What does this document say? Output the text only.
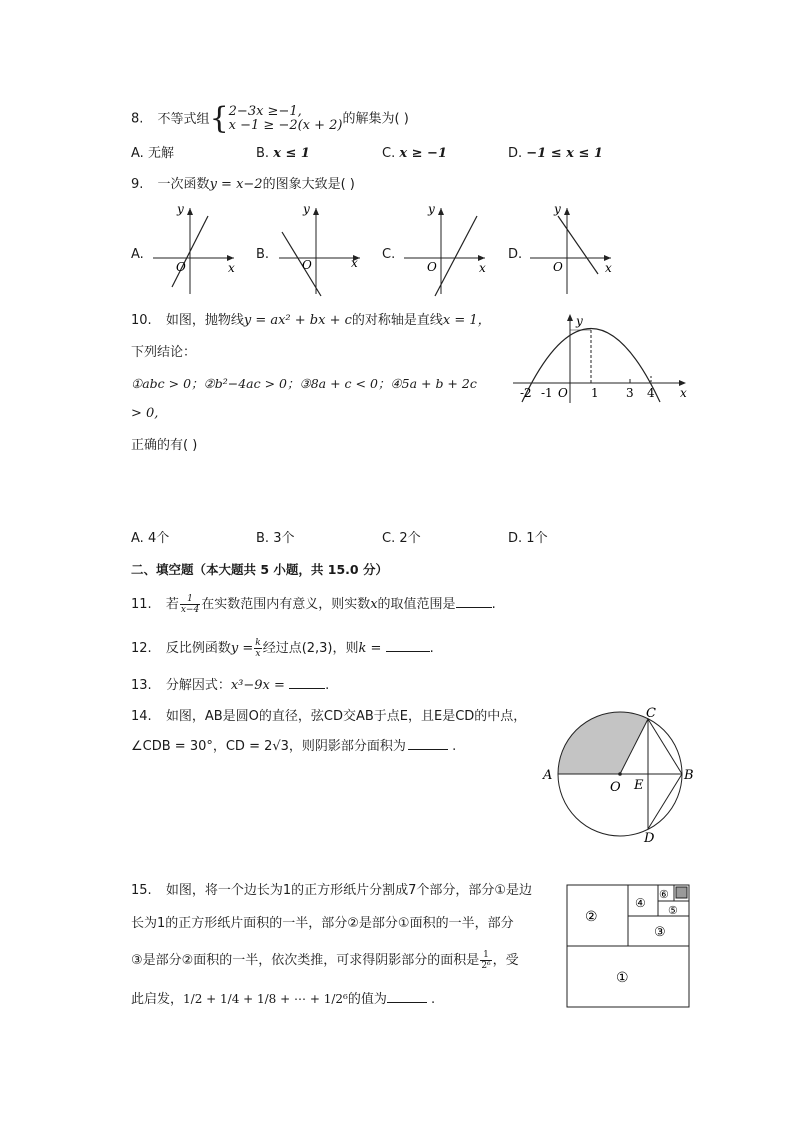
8. 不等式组{ 2−3x ≥−1,
x −1 ≥ −2(x + 2) 的解集为( )
A. 无解	B. x ≤ 1	C. x ≥ −1	D. −1 ≤ x ≤ 1
9. 一次函数y = x−2的图象大致是( )
A.
y
x
O
B.
y
x
O
C.
y
x
O
D.
y
x
O
10. 如图，抛物线y = ax² + bx + c的对称轴是直线x = 1，
下列结论：
①abc > 0；②b²−4ac > 0；③8a + c < 0；④5a + b + 2c
> 0,
正确的有( )
-2 -1 O 1 3 4 x
y
A. 4个	B. 3个	C. 2个	D. 1个
二、填空题（本大题共 5 小题，共 15.0 分）
11. 若 $\frac{1}{x-4}$ 在实数范围内有意义，则实数x的取值范围是	.
12. 反比例函数$y = \frac{k}{x}$ 经过点(2,3)，则k =	.
13. 分解因式：x³−9x =	.
14. 如图，AB是圆O的直径，弦CD交AB于点E，且E是CD的中点，
∠CDB = 30°，CD = 2√3，则阴影部分面积为	.
A	B
C
D
O E
15. 如图，将一个边长为1的正方形纸片分割成7个部分，部分①是边
长为1的正方形纸片面积的一半，部分②是部分①面积的一半，部分
③是部分②面积的一半，依次类推，可求得阴影部分的面积是 $\frac{1}{\text{2⁶}}$ ，受
此启发，1/2 + 1/4 + 1/8 + ⋯ + 1/2⁶的值为	.
①
②
③
④
⑤
⑥
